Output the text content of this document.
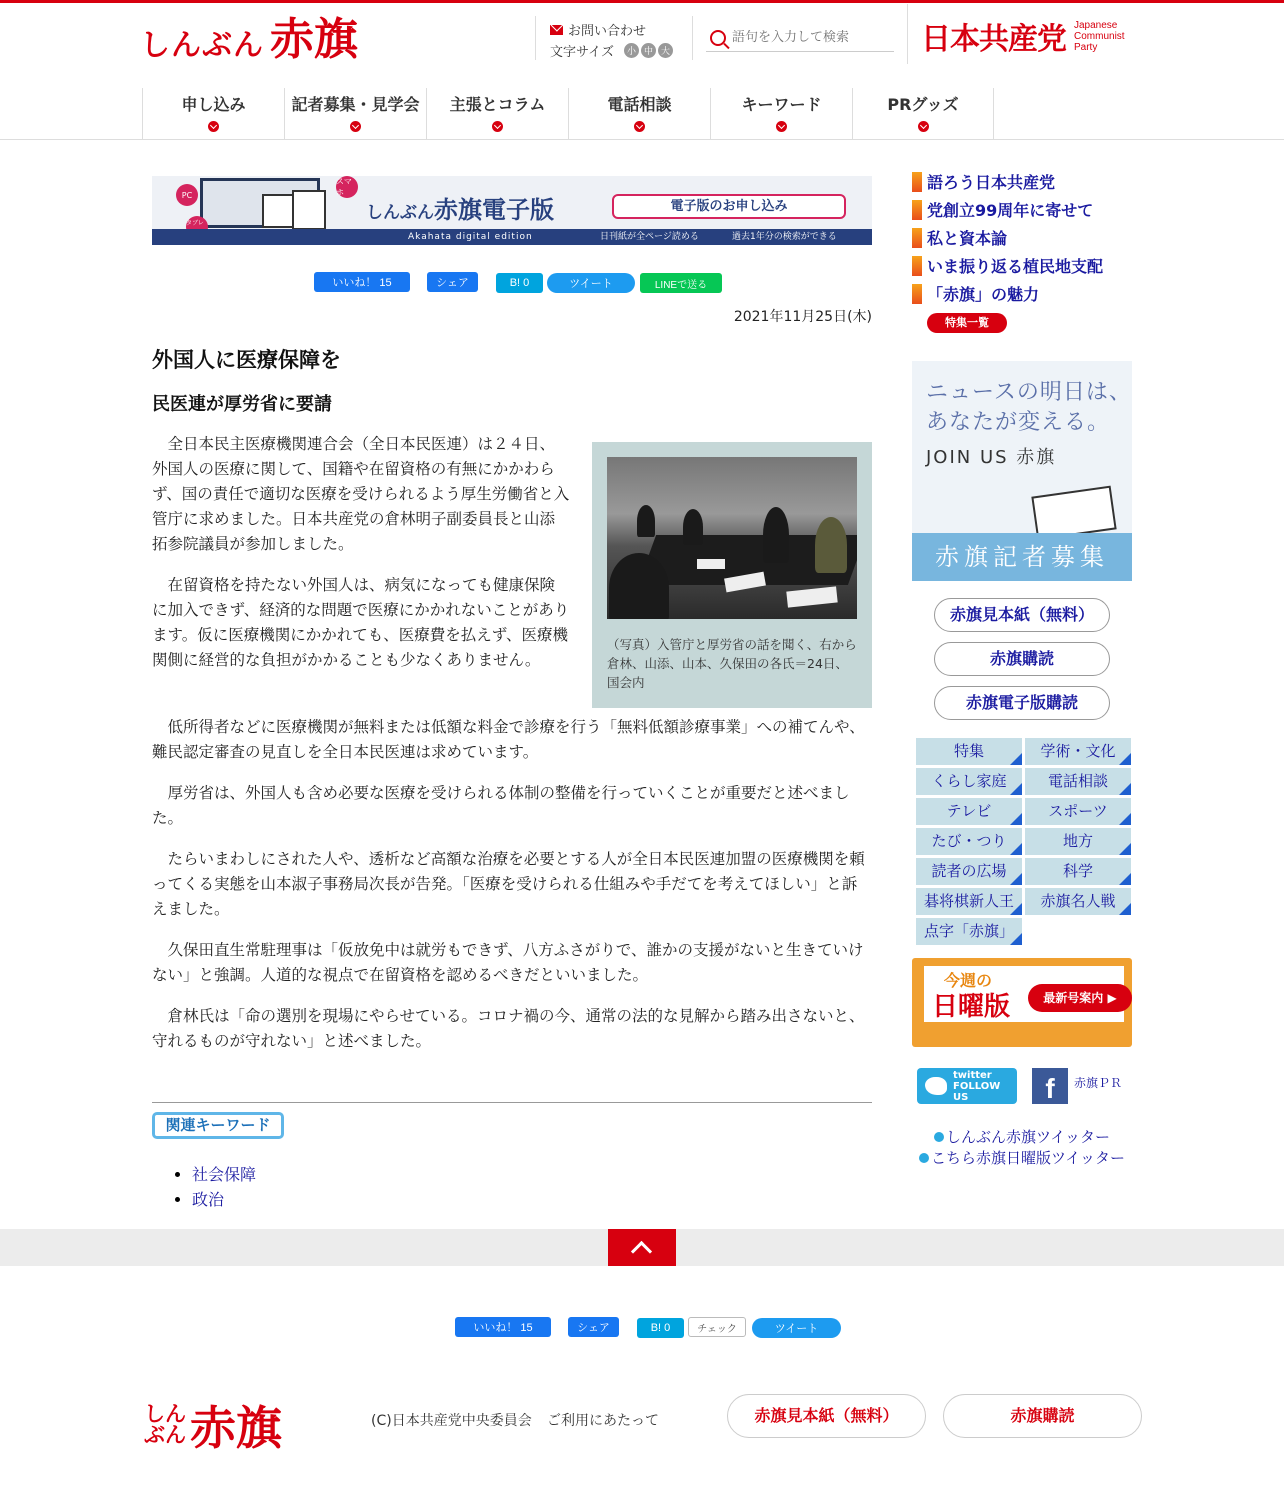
しんぶん 赤旗	お問い合わせ
文字サイズ	小 中 大
語句を入力して検索	日本共産党 Japanese Communist Party
申し込み	記者募集・見学会	主張とコラム	電話相談	キーワード	PRグッズ
PC
スマホ
タブレ
しんぶん赤旗電子版	電子版のお申し込み
Akahata digital edition	日刊紙が全ページ読める	過去1年分の検索ができる
いいね！ 15	シェア	B! 0	ツイート	LINEで送る
2021年11月25日(木)
外国人に医療保障を
民医連が厚労省に要請
全日本民主医療機関連合会（全日本民医連）は２４日、外国人の医療に関して、国籍や在留資格の有無にかかわらず、国の責任で適切な医療を受けられるよう厚生労働省と入管庁に求めました。日本共産党の倉林明子副委員長と山添拓参院議員が参加しました。
在留資格を持たない外国人は、病気になっても健康保険に加入できず、経済的な問題で医療にかかれないことがあります。仮に医療機関にかかれても、医療費を払えず、医療機関側に経営的な負担がかかることも少なくありません。
（写真）入管庁と厚労省の話を聞く、右から倉林、山添、山本、久保田の各氏＝24日、国会内
低所得者などに医療機関が無料または低額な料金で診療を行う「無料低額診療事業」への補てんや、難民認定審査の見直しを全日本民医連は求めています。
厚労省は、外国人も含め必要な医療を受けられる体制の整備を行っていくことが重要だと述べました。
たらいまわしにされた人や、透析など高額な治療を必要とする人が全日本民医連加盟の医療機関を頼ってくる実態を山本淑子事務局次長が告発。「医療を受けられる仕組みや手だてを考えてほしい」と訴えました。
久保田直生常駐理事は「仮放免中は就労もできず、八方ふさがりで、誰かの支援がないと生きていけない」と強調。人道的な視点で在留資格を認めるべきだといいました。
倉林氏は「命の選別を現場にやらせている。コロナ禍の今、通常の法的な見解から踏み出さないと、守れるものが守れない」と述べました。
関連キーワード
• 社会保障
• 政治
語ろう日本共産党
党創立99周年に寄せて
私と資本論
いま振り返る植民地支配
「赤旗」の魅力
特集一覧
ニュースの明日は、
あなたが変える。
JOIN US 赤旗
赤旗記者募集
赤旗見本紙（無料）
赤旗購読
赤旗電子版購読
特集	学術・文化
くらし家庭	電話相談
テレビ	スポーツ
たび・つり	地方
読者の広場	科学
碁将棋新人王	赤旗名人戦
点字「赤旗」
今週の
日曜版	最新号案内 ▶
twitter FOLLOW US	f	赤旗ＰＲ
しんぶん赤旗ツイッター
こちら赤旗日曜版ツイッター
いいね！ 15	シェア	B! 0	チェック	ツイート
しんぶん 赤旗	(C)日本共産党中央委員会 ご利用にあたって	赤旗見本紙（無料）	赤旗購読
